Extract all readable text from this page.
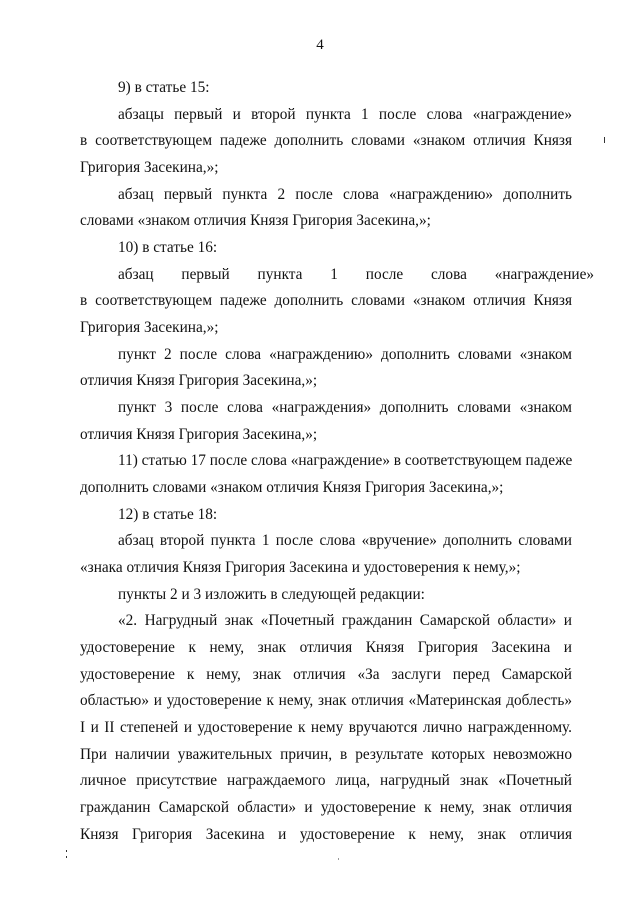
4
9) в статье 15:
абзацы первый и второй пункта 1 после слова «награждение»
в соответствующем падеже дополнить словами «знаком отличия Князя
Григория Засекина,»;
абзац первый пункта 2 после слова «награждению» дополнить
словами «знаком отличия Князя Григория Засекина,»;
10) в статье 16:
абзац первый пункта 1 после слова «награждение»
в соответствующем падеже дополнить словами «знаком отличия Князя
Григория Засекина,»;
пункт 2 после слова «награждению» дополнить словами «знаком
отличия Князя Григория Засекина,»;
пункт 3 после слова «награждения» дополнить словами «знаком
отличия Князя Григория Засекина,»;
11) статью 17 после слова «награждение» в соответствующем падеже
дополнить словами «знаком отличия Князя Григория Засекина,»;
12) в статье 18:
абзац второй пункта 1 после слова «вручение» дополнить словами
«знака отличия Князя Григория Засекина и удостоверения к нему,»;
пункты 2 и 3 изложить в следующей редакции:
«2. Нагрудный знак «Почетный гражданин Самарской области» и
удостоверение к нему, знак отличия Князя Григория Засекина и
удостоверение к нему, знак отличия «За заслуги перед Самарской
областью» и удостоверение к нему, знак отличия «Материнская доблесть»
I и II степеней и удостоверение к нему вручаются лично награжденному.
При наличии уважительных причин, в результате которых невозможно
личное присутствие награждаемого лица, нагрудный знак «Почетный
гражданин Самарской области» и удостоверение к нему, знак отличия
Князя Григория Засекина и удостоверение к нему, знак отличия
